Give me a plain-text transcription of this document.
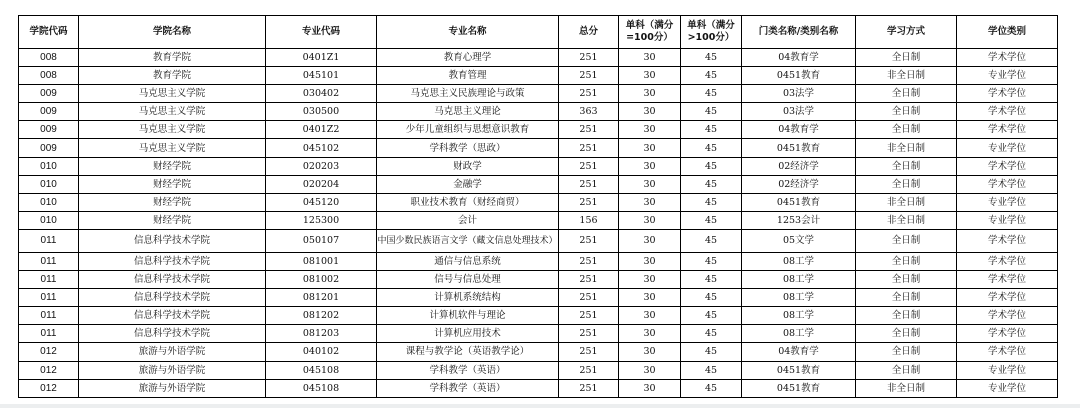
学院代码	学院名称	专业代码	专业名称	总分	单科（满分=100分）	单科（满分>100分）	门类名称/类别名称	学习方式	学位类别
008	教育学院	0401Z1	教育心理学	251	30	45	04教育学	全日制	学术学位
008	教育学院	045101	教育管理	251	30	45	0451教育	非全日制	专业学位
009	马克思主义学院	030402	马克思主义民族理论与政策	251	30	45	03法学	全日制	学术学位
009	马克思主义学院	030500	马克思主义理论	363	30	45	03法学	全日制	学术学位
009	马克思主义学院	0401Z2	少年儿童组织与思想意识教育	251	30	45	04教育学	全日制	学术学位
009	马克思主义学院	045102	学科教学（思政）	251	30	45	0451教育	非全日制	专业学位
010	财经学院	020203	财政学	251	30	45	02经济学	全日制	学术学位
010	财经学院	020204	金融学	251	30	45	02经济学	全日制	学术学位
010	财经学院	045120	职业技术教育（财经商贸）	251	30	45	0451教育	非全日制	专业学位
010	财经学院	125300	会计	156	30	45	1253会计	非全日制	专业学位
011	信息科学技术学院	050107	中国少数民族语言文学（藏文信息处理技术）	251	30	45	05文学	全日制	学术学位
011	信息科学技术学院	081001	通信与信息系统	251	30	45	08工学	全日制	学术学位
011	信息科学技术学院	081002	信号与信息处理	251	30	45	08工学	全日制	学术学位
011	信息科学技术学院	081201	计算机系统结构	251	30	45	08工学	全日制	学术学位
011	信息科学技术学院	081202	计算机软件与理论	251	30	45	08工学	全日制	学术学位
011	信息科学技术学院	081203	计算机应用技术	251	30	45	08工学	全日制	学术学位
012	旅游与外语学院	040102	课程与教学论（英语教学论）	251	30	45	04教育学	全日制	学术学位
012	旅游与外语学院	045108	学科教学（英语）	251	30	45	0451教育	全日制	专业学位
012	旅游与外语学院	045108	学科教学（英语）	251	30	45	0451教育	非全日制	专业学位
